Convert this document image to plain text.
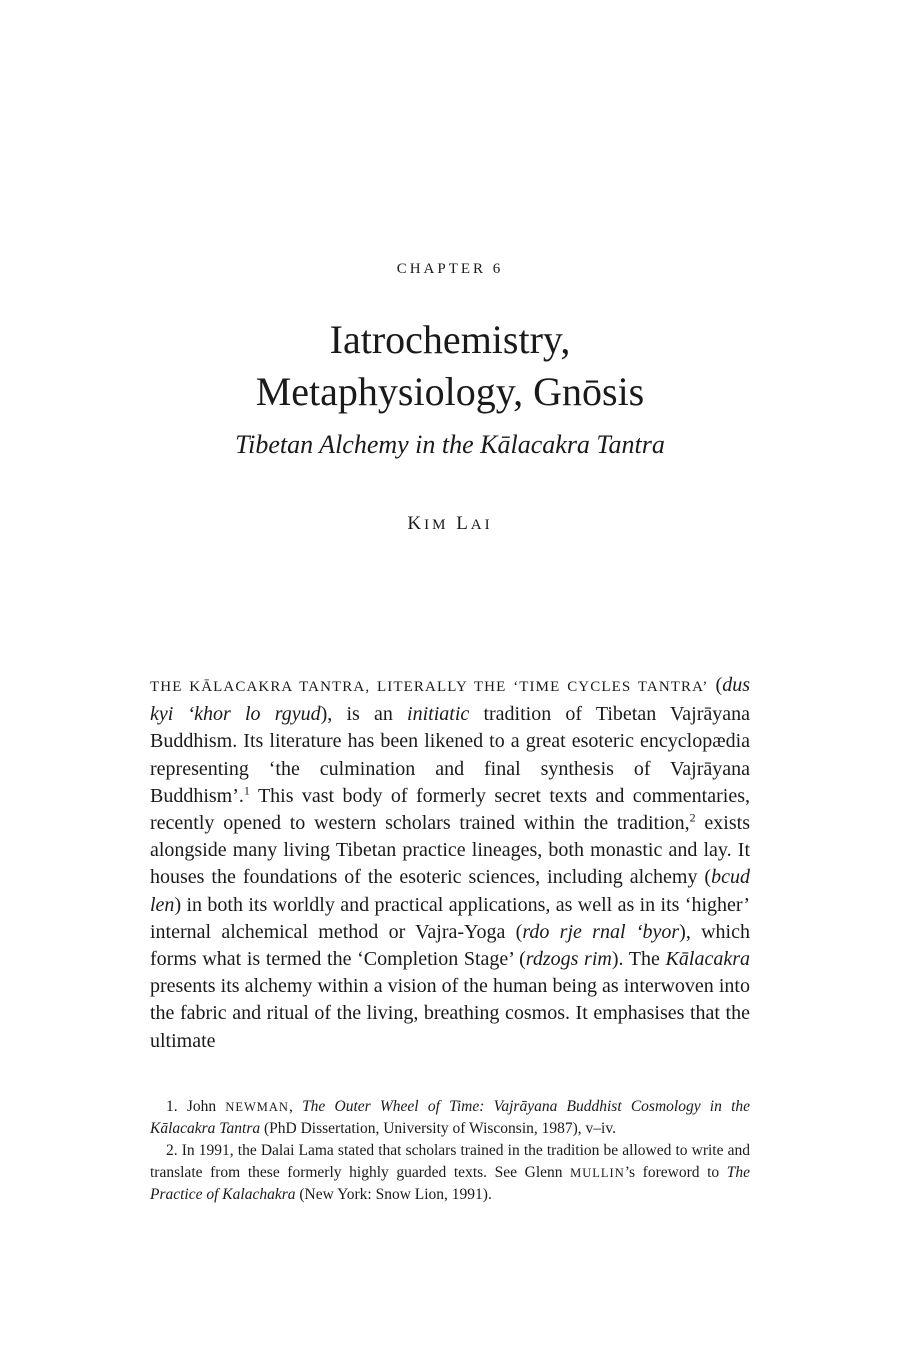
CHAPTER 6
Iatrochemistry,
Metaphysiology, Gnōsis
Tibetan Alchemy in the Kālacakra Tantra
KIM LAI
THE KĀLACAKRA TANTRA, LITERALLY THE ‘TIME CYCLES TANTRA’ (dus kyi ‘khor lo rgyud), is an initiatic tradition of Tibetan Vajrāyana Buddhism. Its literature has been likened to a great esoteric encyclopædia representing ‘the culmination and final synthesis of Vajrāyana Buddhism’.$^1$ This vast body of formerly secret texts and commentaries, recently opened to western scholars trained within the tradition,$^2$ exists alongside many living Tibetan practice lineages, both monastic and lay. It houses the foundations of the esoteric sciences, including alchemy (bcud len) in both its worldly and practical applications, as well as in its ‘higher’ internal alchemical method or Vajra-Yoga (rdo rje rnal ‘byor), which forms what is termed the ‘Completion Stage’ (rdzogs rim). The Kālacakra presents its alchemy within a vision of the human being as interwoven into the fabric and ritual of the living, breathing cosmos. It emphasises that the ultimate

1. John NEWMAN, The Outer Wheel of Time: Vajrāyana Buddhist Cosmology in the Kālacakra Tantra (PhD Dissertation, University of Wisconsin, 1987), v–iv.

2. In 1991, the Dalai Lama stated that scholars trained in the tradition be allowed to write and translate from these formerly highly guarded texts. See Glenn MULLIN’s foreword to The Practice of Kalachakra (New York: Snow Lion, 1991).
